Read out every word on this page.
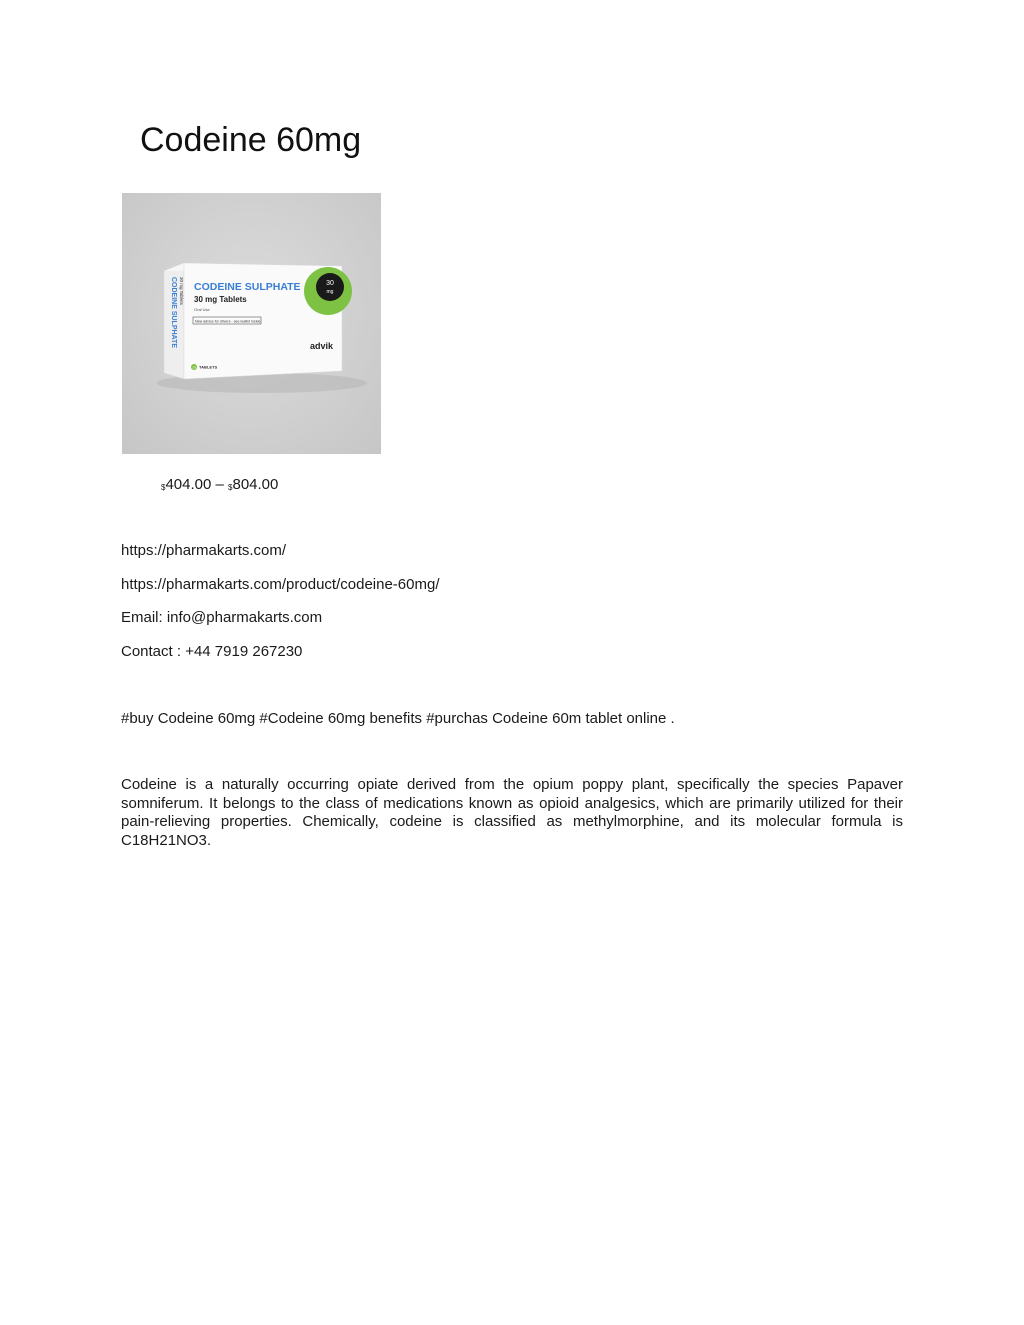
Codeine 60mg
30
mg
CODEINE SULPHATE
30 mg Tablets
Oral Use
New advice for drivers - see leaflet inside
advik
28 TABLETS
CODEINE SULPHATE 30 mg Tablets
$404.00 – $804.00

https://pharmakarts.com/

https://pharmakarts.com/product/codeine-60mg/

Email: info@pharmakarts.com

Contact : +44 7919 267230

#buy Codeine 60mg #Codeine 60mg benefits #purchas Codeine 60m tablet online .

Codeine is a naturally occurring opiate derived from the opium poppy plant, specifically the species Papaver somniferum. It belongs to the class of medications known as opioid analgesics, which are primarily utilized for their pain-relieving properties. Chemically, codeine is classified as methylmorphine, and its molecular formula is C18H21NO3.
